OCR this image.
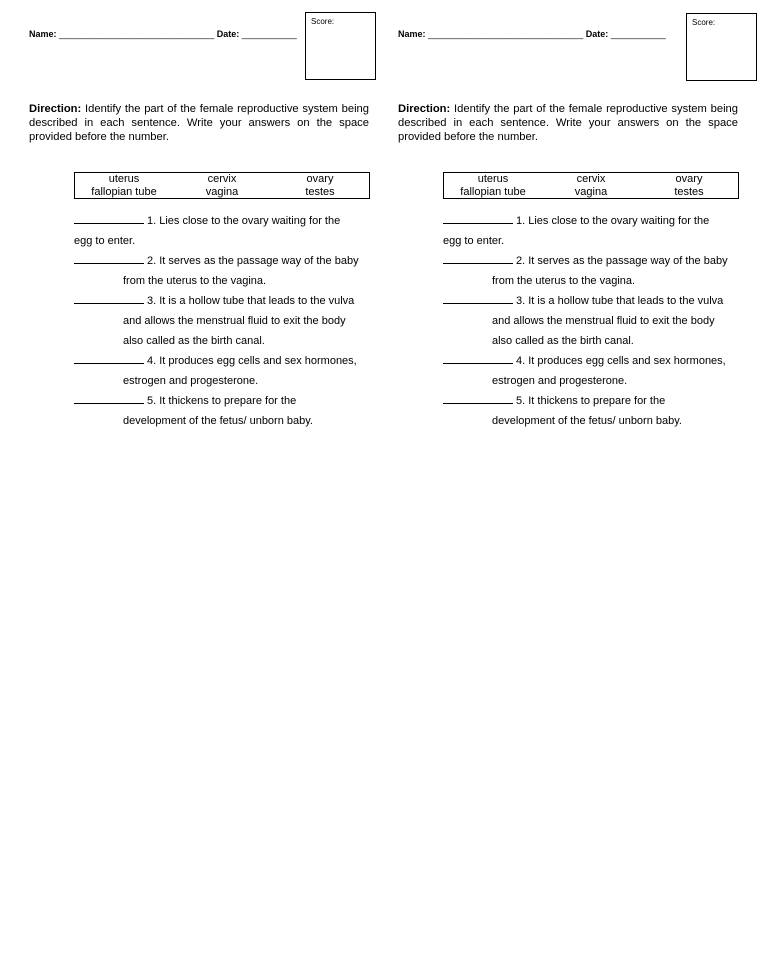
Name: _______________________________ Date: ___________
Score:
Direction: Identify the part of the female reproductive system being described in each sentence. Write your answers on the space provided before the number.
uterus	cervix	ovary
fallopian tube	vagina	testes
1. Lies close to the ovary waiting for the
egg to enter.
2. It serves as the passage way of the baby
from the uterus to the vagina.
3. It is a hollow tube that leads to the vulva
and allows the menstrual fluid to exit the body
also called as the birth canal.
4. It produces egg cells and sex hormones,
estrogen and progesterone.
5. It thickens to prepare for the
development of the fetus/ unborn baby.
Name: _______________________________ Date: ___________
Score:
Direction: Identify the part of the female reproductive system being described in each sentence. Write your answers on the space provided before the number.
uterus	cervix	ovary
fallopian tube	vagina	testes
1. Lies close to the ovary waiting for the
egg to enter.
2. It serves as the passage way of the baby
from the uterus to the vagina.
3. It is a hollow tube that leads to the vulva
and allows the menstrual fluid to exit the body
also called as the birth canal.
4. It produces egg cells and sex hormones,
estrogen and progesterone.
5. It thickens to prepare for the
development of the fetus/ unborn baby.
